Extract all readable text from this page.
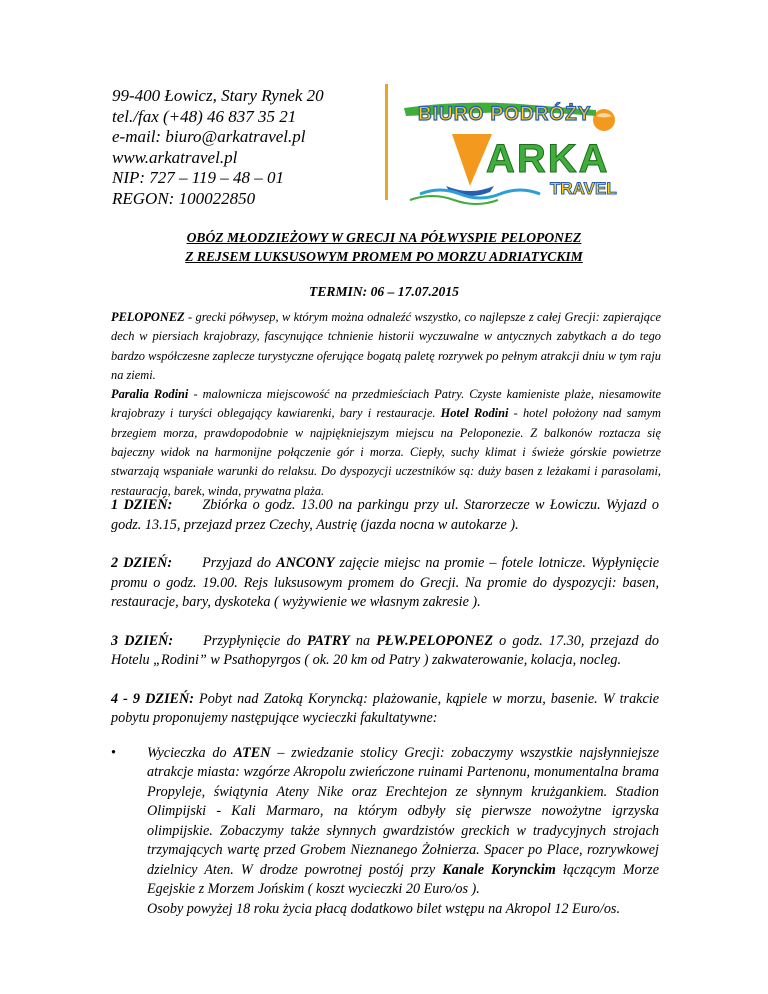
99-400 Łowicz, Stary Rynek 20
tel./fax (+48) 46 837 35 21
e-mail: biuro@arkatravel.pl
www.arkatravel.pl
NIP: 727 – 119 – 48 – 01
REGON: 100022850
BIURO PODRÓŻY
ARKA
TRAVEL
OBÓZ MŁODZIEŻOWY W GRECJI NA PÓŁWYSPIE PELOPONEZ
Z REJSEM LUKSUSOWYM PROMEM PO MORZU ADRIATYCKIM
TERMIN: 06 – 17.07.2015

PELOPONEZ - grecki półwysep, w którym można odnaleźć wszystko, co najlepsze z całej Grecji: zapierające dech w piersiach krajobrazy, fascynujące tchnienie historii wyczuwalne w antycznych zabytkach a do tego bardzo współczesne zaplecze turystyczne oferujące bogatą paletę rozrywek po pełnym atrakcji dniu w tym raju na ziemi.

Paralia Rodini - malownicza miejscowość na przedmieściach Patry. Czyste kamieniste plaże, niesamowite krajobrazy i turyści oblegający kawiarenki, bary i restauracje. Hotel Rodini - hotel położony nad samym brzegiem morza, prawdopodobnie w najpiękniejszym miejscu na Peloponezie. Z balkonów roztacza się bajeczny widok na harmonijne połączenie gór i morza. Ciepły, suchy klimat i świeże górskie powietrze stwarzają wspaniałe warunki do relaksu. Do dyspozycji uczestników są: duży basen z leżakami i parasolami, restauracja, barek, winda, prywatna plaża.

1 DZIEŃ: Zbiórka o godz. 13.00 na parkingu przy ul. Starorzecze w Łowiczu. Wyjazd o godz. 13.15, przejazd przez Czechy, Austrię (jazda nocna w autokarze ).

2 DZIEŃ: Przyjazd do ANCONY zajęcie miejsc na promie – fotele lotnicze. Wypłynięcie promu o godz. 19.00. Rejs luksusowym promem do Grecji. Na promie do dyspozycji: basen, restauracje, bary, dyskoteka ( wyżywienie we własnym zakresie ).

3 DZIEŃ: Przypłynięcie do PATRY na PŁW.PELOPONEZ o godz. 17.30, przejazd do Hotelu „Rodini” w Psathopyrgos ( ok. 20 km od Patry ) zakwaterowanie, kolacja, nocleg.

4 - 9 DZIEŃ: Pobyt nad Zatoką Koryncką: plażowanie, kąpiele w morzu, basenie. W trakcie pobytu proponujemy następujące wycieczki fakultatywne:

• Wycieczka do ATEN – zwiedzanie stolicy Grecji: zobaczymy wszystkie najsłynniejsze atrakcje miasta: wzgórze Akropolu zwieńczone ruinami Partenonu, monumentalna brama Propyleje, świątynia Ateny Nike oraz Erechtejon ze słynnym krużgankiem. Stadion Olimpijski - Kali Marmaro, na którym odbyły się pierwsze nowożytne igrzyska olimpijskie. Zobaczymy także słynnych gwardzistów greckich w tradycyjnych strojach trzymających wartę przed Grobem Nieznanego Żołnierza. Spacer po Place, rozrywkowej dzielnicy Aten. W drodze powrotnej postój przy Kanale Korynckim łączącym Morze Egejskie z Morzem Jońskim ( koszt wycieczki 20 Euro/os ).
Osoby powyżej 18 roku życia płacą dodatkowo bilet wstępu na Akropol 12 Euro/os.
